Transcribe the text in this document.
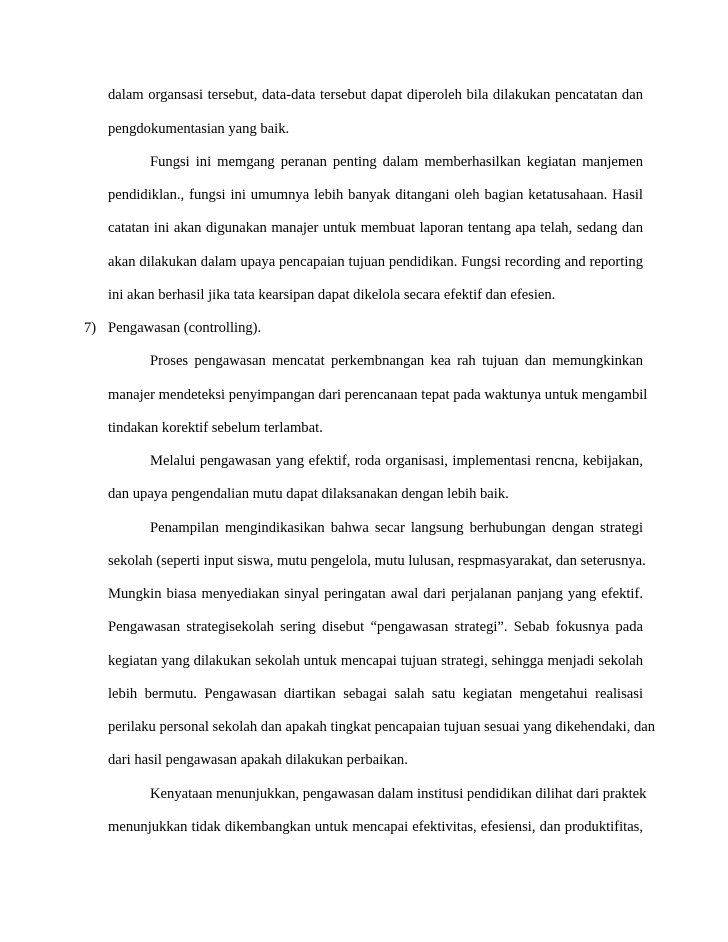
dalam organsasi tersebut, data-data tersebut dapat diperoleh bila dilakukan pencatatan dan
pengdokumentasian yang baik.
Fungsi ini memgang peranan penting dalam memberhasilkan kegiatan manjemen
pendidiklan., fungsi ini umumnya lebih banyak ditangani oleh bagian ketatusahaan. Hasil
catatan ini akan digunakan manajer untuk membuat laporan tentang apa telah, sedang dan
akan dilakukan dalam upaya pencapaian tujuan pendidikan. Fungsi recording and reporting
ini akan berhasil jika tata kearsipan dapat dikelola secara efektif dan efesien.
7) Pengawasan (controlling).
Proses pengawasan mencatat perkembnangan kea rah tujuan dan memungkinkan
manajer mendeteksi penyimpangan dari perencanaan tepat pada waktunya untuk mengambil
tindakan korektif sebelum terlambat.
Melalui pengawasan yang efektif, roda organisasi, implementasi rencna, kebijakan,
dan upaya pengendalian mutu dapat dilaksanakan dengan lebih baik.
Penampilan mengindikasikan bahwa secar langsung berhubungan dengan strategi
sekolah (seperti input siswa, mutu pengelola, mutu lulusan, respmasyarakat, dan seterusnya.
Mungkin biasa menyediakan sinyal peringatan awal dari perjalanan panjang yang efektif.
Pengawasan strategisekolah sering disebut “pengawasan strategi”. Sebab fokusnya pada
kegiatan yang dilakukan sekolah untuk mencapai tujuan strategi, sehingga menjadi sekolah
lebih bermutu. Pengawasan diartikan sebagai salah satu kegiatan mengetahui realisasi
perilaku personal sekolah dan apakah tingkat pencapaian tujuan sesuai yang dikehendaki, dan
dari hasil pengawasan apakah dilakukan perbaikan.
Kenyataan menunjukkan, pengawasan dalam institusi pendidikan dilihat dari praktek
menunjukkan tidak dikembangkan untuk mencapai efektivitas, efesiensi, dan produktifitas,
